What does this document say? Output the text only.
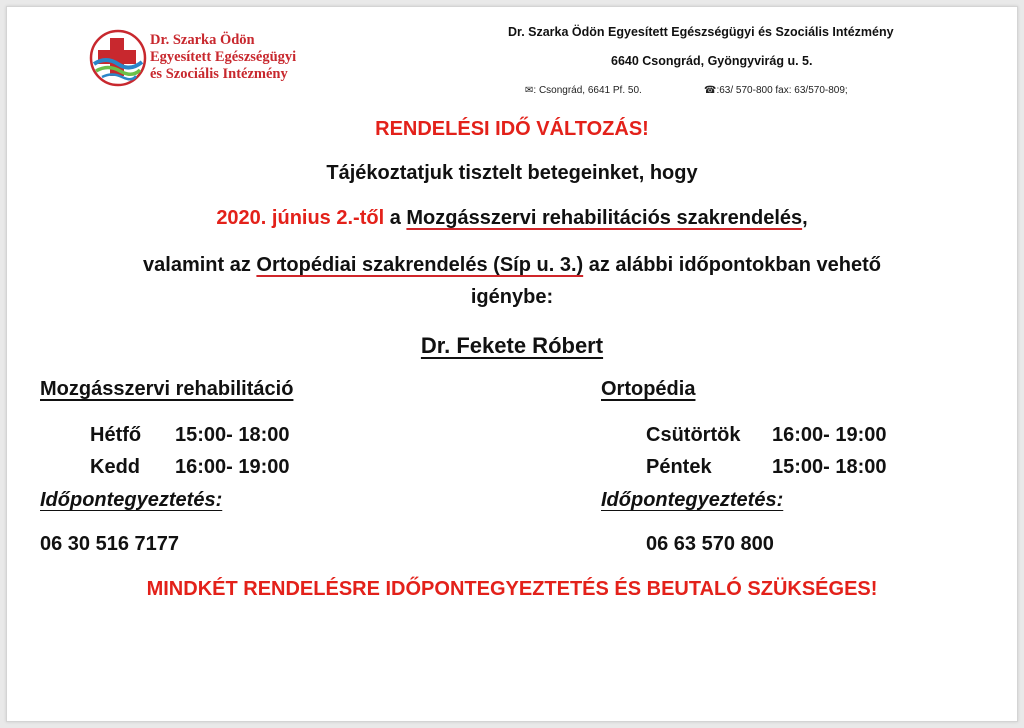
Dr. Szarka Ödön
Egyesített Egészségügyi
és Szociális Intézmény
Dr. Szarka Ödön Egyesített Egészségügyi és Szociális Intézmény
6640 Csongrád, Gyöngyvirág u. 5.
✉: Csongrád, 6641 Pf. 50.	☎:63/ 570-800 fax: 63/570-809;
RENDELÉSI IDŐ VÁLTOZÁS!
Tájékoztatjuk tisztelt betegeinket, hogy
2020. június 2.-től a Mozgásszervi rehabilitációs szakrendelés,
valamint az Ortopédiai szakrendelés (Síp u. 3.) az alábbi időpontokban vehető
igénybe:
Dr. Fekete Róbert
Mozgásszervi rehabilitáció
Hétfő 15:00- 18:00
Kedd 16:00- 19:00
Időpontegyeztetés:
06 30 516 7177
Ortopédia
Csütörtök 16:00- 19:00
Péntek	15:00- 18:00
Időpontegyeztetés:
06 63 570 800
MINDKÉT RENDELÉSRE IDŐPONTEGYEZTETÉS ÉS BEUTALÓ SZÜKSÉGES!
